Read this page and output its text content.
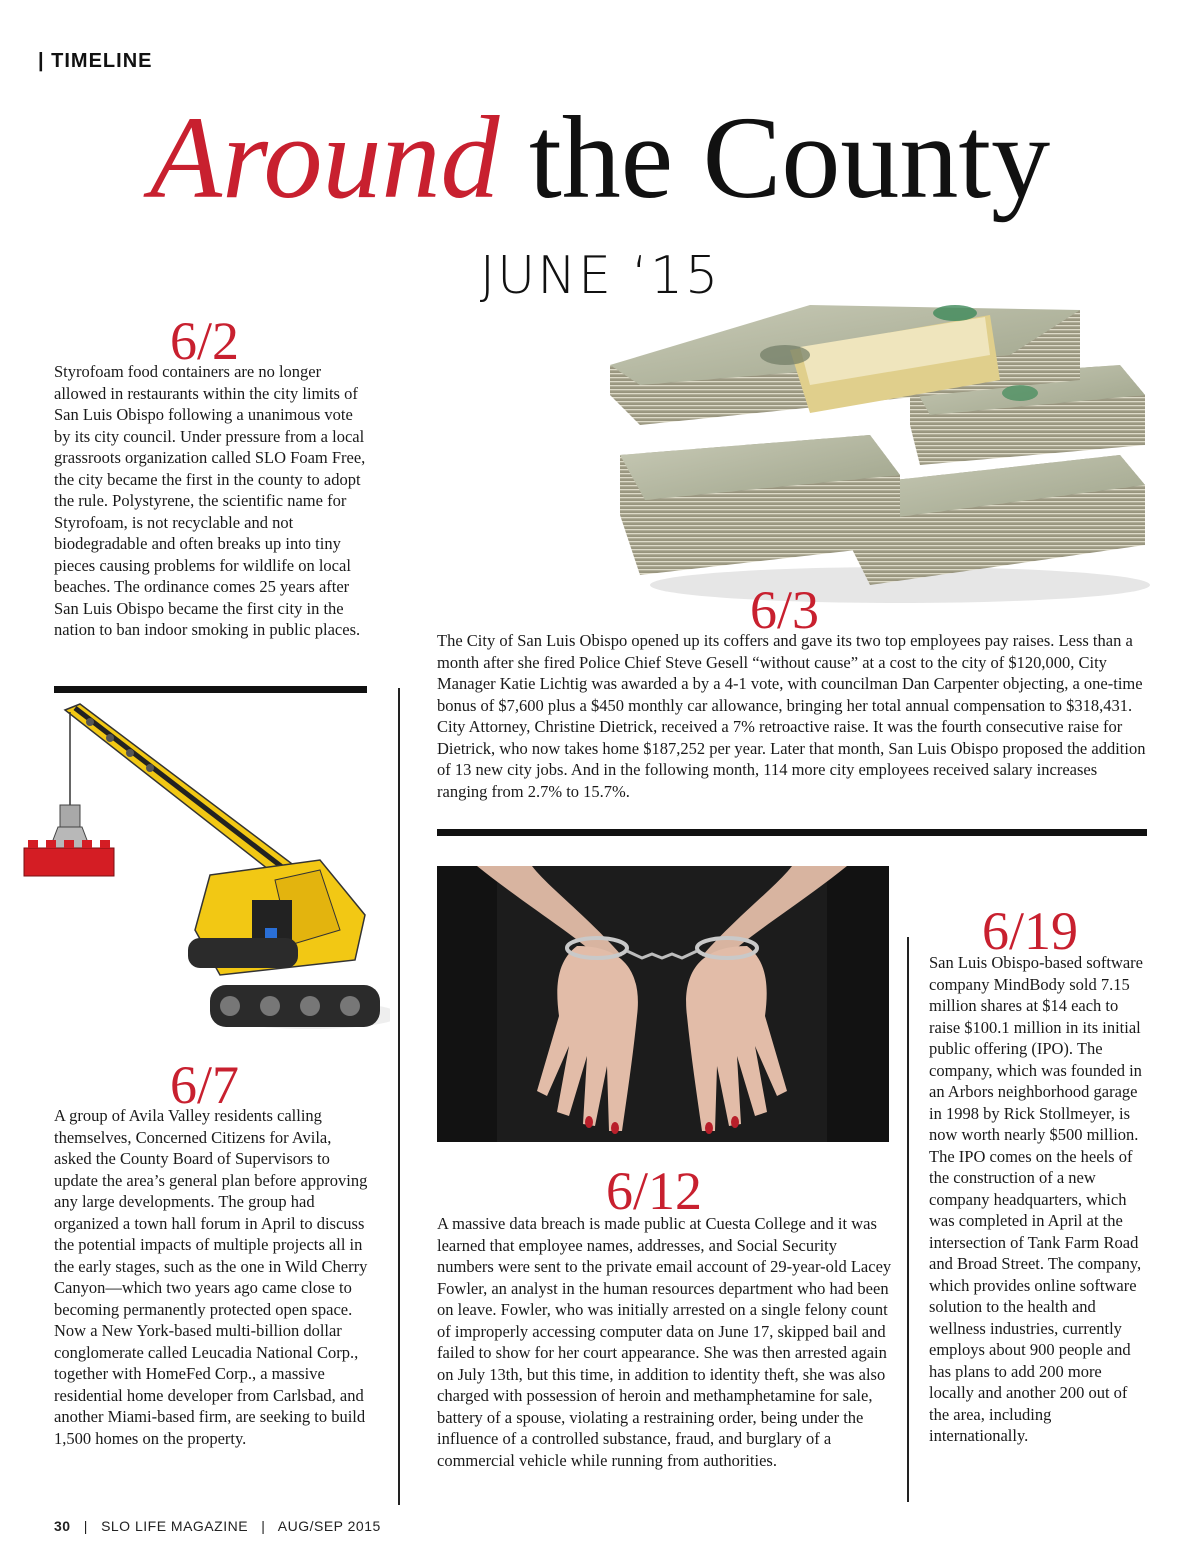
| TIMELINE
Around the County
JUNE ‘15
6/2
Styrofoam food containers are no longer allowed in restaurants within the city limits of San Luis Obispo following a unanimous vote by its city council. Under pressure from a local grassroots organization called SLO Foam Free, the city became the first in the county to adopt the rule. Polystyrene, the scientific name for Styrofoam, is not recyclable and not biodegradable and often breaks up into tiny pieces causing problems for wildlife on local beaches. The ordinance comes 25 years after San Luis Obispo became the first city in the nation to ban indoor smoking in public places.	6/3
The City of San Luis Obispo opened up its coffers and gave its two top employees pay raises. Less than a month after she fired Police Chief Steve Gesell “without cause” at a cost to the city of $120,000, City Manager Katie Lichtig was awarded a by a 4-1 vote, with councilman Dan Carpenter objecting, a one-time bonus of $7,600 plus a $450 monthly car allowance, bringing her total annual compensation to $318,431. City Attorney, Christine Dietrick, received a 7% retroactive raise. It was the fourth consecutive raise for Dietrick, who now takes home $187,252 per year. Later that month, San Luis Obispo proposed the addition of 13 new city jobs. And in the following month, 114 more city employees received salary increases ranging from 2.7% to 15.7%.
6/7
A group of Avila Valley residents calling themselves, Concerned Citizens for Avila, asked the County Board of Supervisors to update the area’s general plan before approving any large developments. The group had organized a town hall forum in April to discuss the potential impacts of multiple projects all in the early stages, such as the one in Wild Cherry Canyon—which two years ago came close to becoming permanently protected open space. Now a New York-based multi-billion dollar conglomerate called Leucadia National Corp., together with HomeFed Corp., a massive residential home developer from Carlsbad, and another Miami-based firm, are seeking to build 1,500 homes on the property.
6/12
A massive data breach is made public at Cuesta College and it was learned that employee names, addresses, and Social Security numbers were sent to the private email account of 29-year-old Lacey Fowler, an analyst in the human resources department who had been on leave. Fowler, who was initially arrested on a single felony count of improperly accessing computer data on June 17, skipped bail and failed to show for her court appearance. She was then arrested again on July 13th, but this time, in addition to identity theft, she was also charged with possession of heroin and methamphetamine for sale, battery of a spouse, violating a restraining order, being under the influence of a controlled substance, fraud, and burglary of a commercial vehicle while running from authorities.
6/19
San Luis Obispo-based software company MindBody sold 7.15 million shares at $14 each to raise $100.1 million in its initial public offering (IPO). The company, which was founded in an Arbors neighborhood garage in 1998 by Rick Stollmeyer, is now worth nearly $500 million. The IPO comes on the heels of the construction of a new company headquarters, which was completed in April at the intersection of Tank Farm Road and Broad Street. The company, which provides online software solution to the health and wellness industries, currently employs about 900 people and has plans to add 200 more locally and another 200 out of the area, including internationally.
30 | SLO LIFE MAGAZINE | AUG/SEP 2015
